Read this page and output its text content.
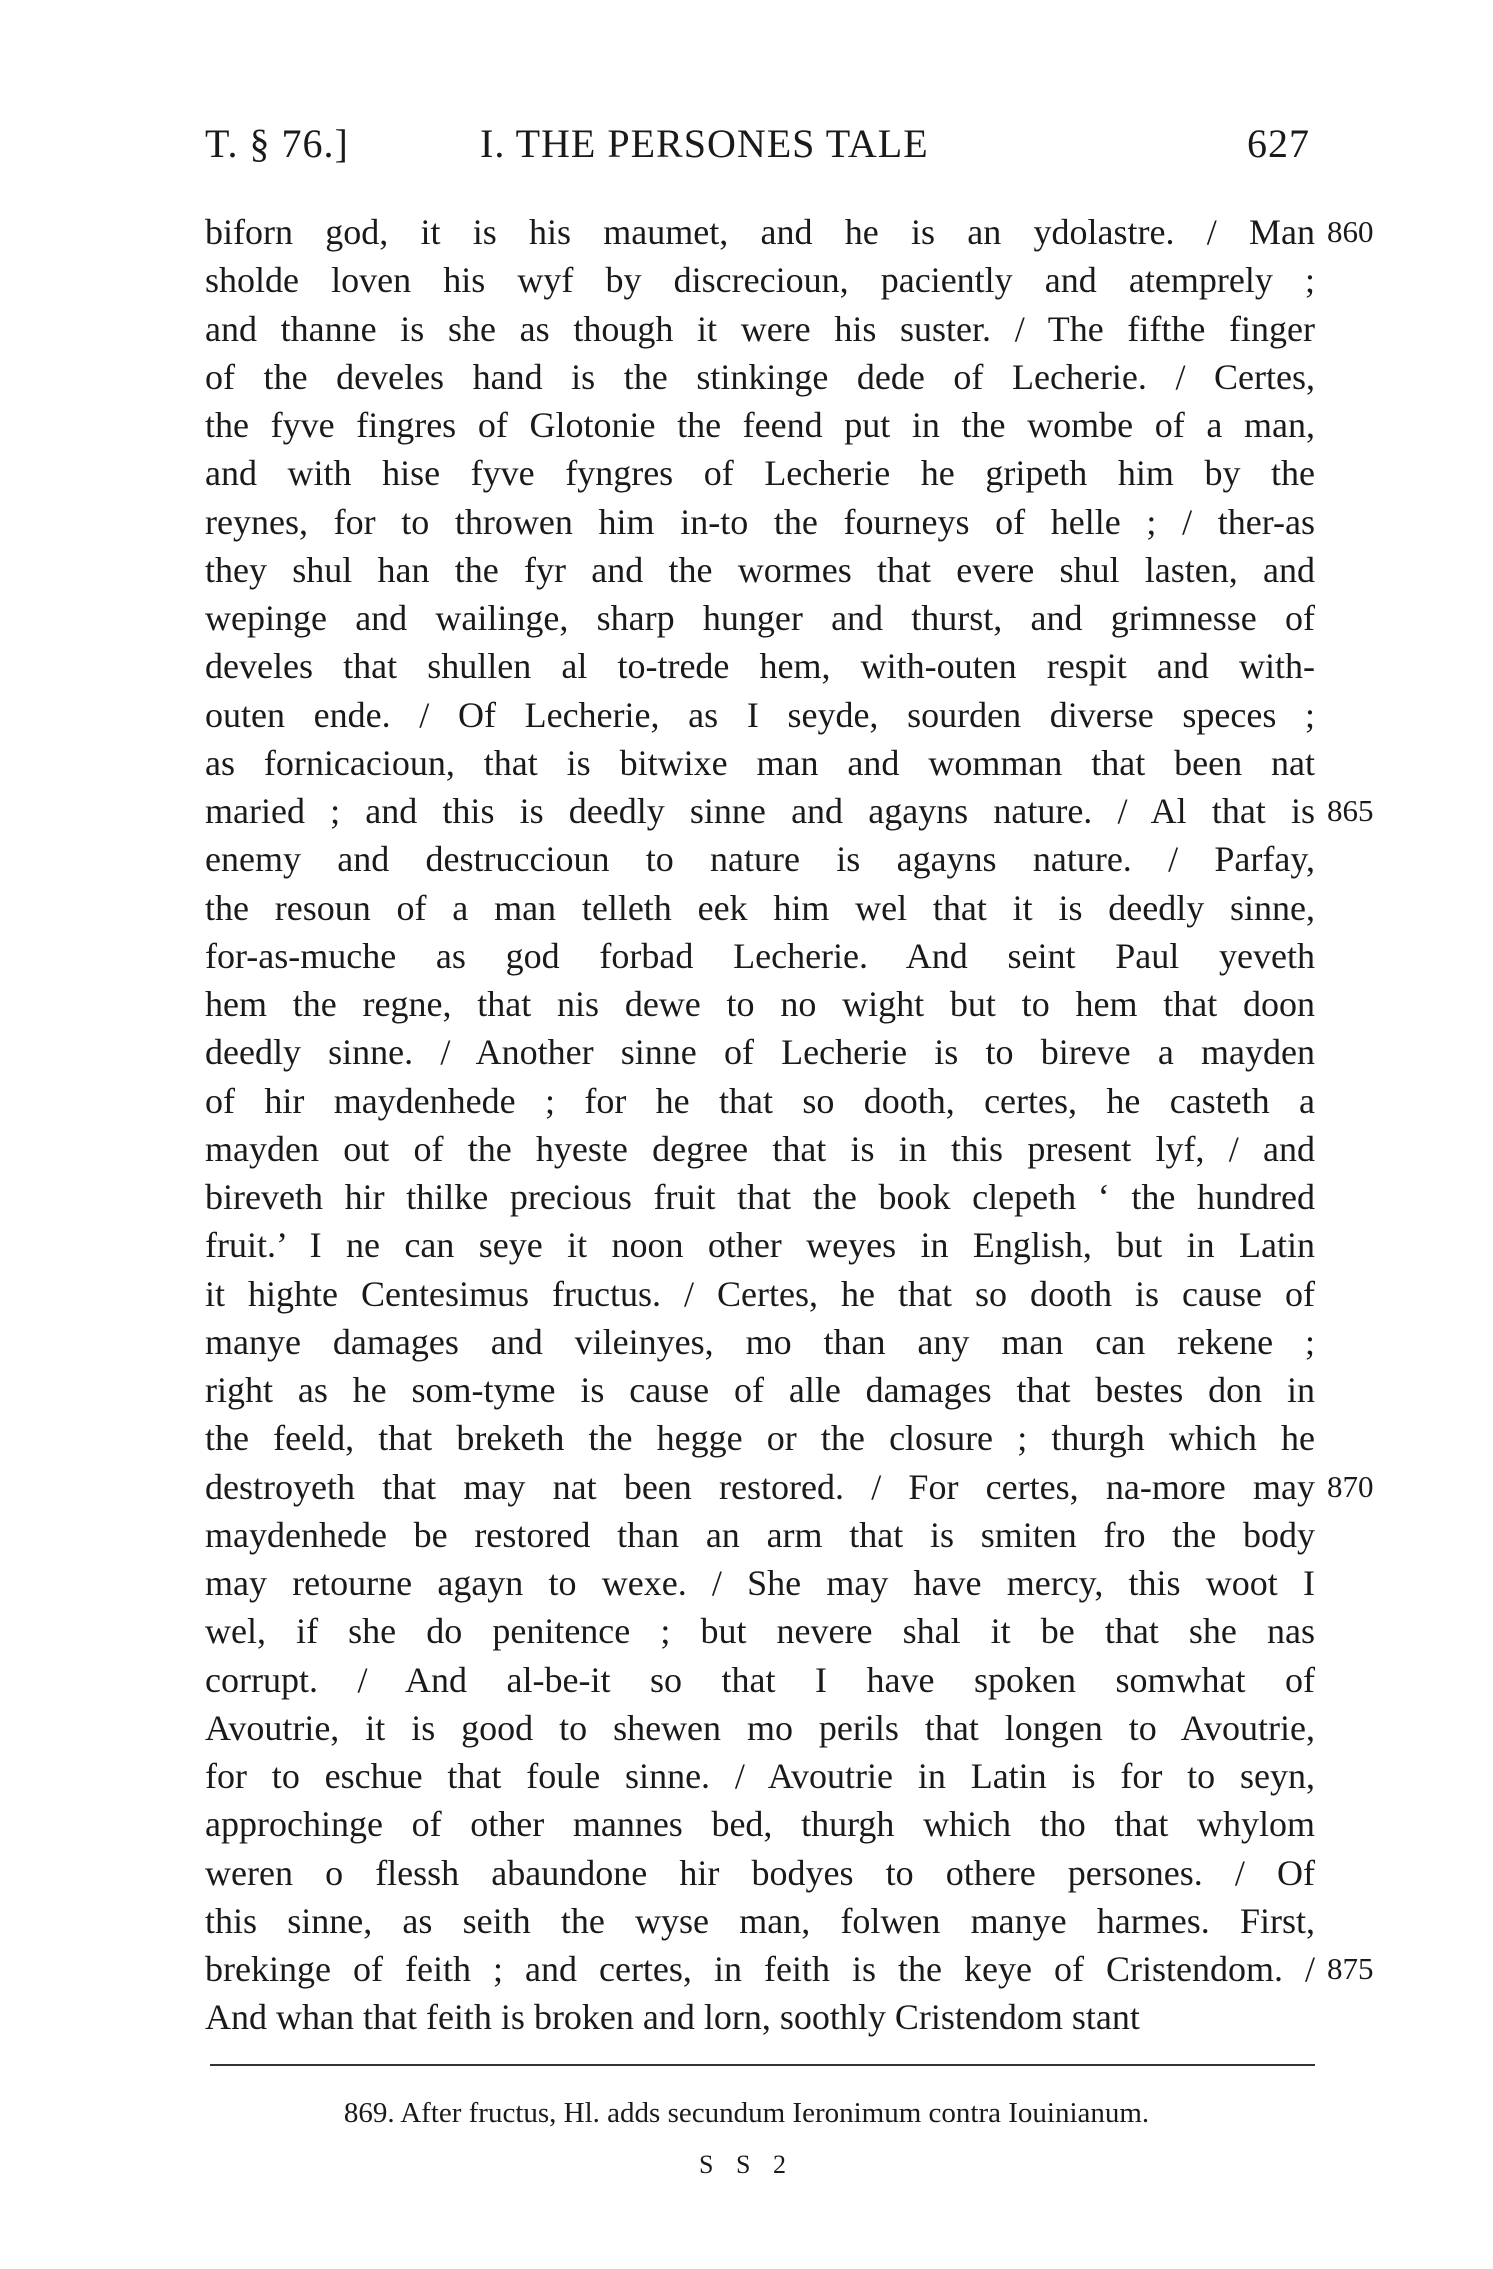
T. § 76.]	I. THE PERSONES TALE	627
biforn god, it is his maumet, and he is an ydolastre. / Man 860
sholde loven his wyf by discrecioun, paciently and atemprely ;
and thanne is she as though it were his suster. / The fifthe finger
of the develes hand is the stinkinge dede of Lecherie. / Certes,
the fyve fingres of Glotonie the feend put in the wombe of a man,
and with hise fyve fyngres of Lecherie he gripeth him by the
reynes, for to throwen him in-to the fourneys of helle ; / ther-as
they shul han the fyr and the wormes that evere shul lasten, and
wepinge and wailinge, sharp hunger and thurst, and grimnesse of
develes that shullen al to-trede hem, with-outen respit and with-
outen ende. / Of Lecherie, as I seyde, sourden diverse speces ;
as fornicacioun, that is bitwixe man and womman that been nat
maried ; and this is deedly sinne and agayns nature. / Al that is 865
enemy and destruccioun to nature is agayns nature. / Parfay,
the resoun of a man telleth eek him wel that it is deedly sinne,
for-as-muche as god forbad Lecherie. And seint Paul yeveth
hem the regne, that nis dewe to no wight but to hem that doon
deedly sinne. / Another sinne of Lecherie is to bireve a mayden
of hir maydenhede ; for he that so dooth, certes, he casteth a
mayden out of the hyeste degree that is in this present lyf, / and
bireveth hir thilke precious fruit that the book clepeth ‘ the hundred
fruit.’ I ne can seye it noon other weyes in English, but in Latin
it highte Centesimus fructus. / Certes, he that so dooth is cause of
manye damages and vileinyes, mo than any man can rekene ;
right as he som-tyme is cause of alle damages that bestes don in
the feeld, that breketh the hegge or the closure ; thurgh which he
destroyeth that may nat been restored. / For certes, na-more may 870
maydenhede be restored than an arm that is smiten fro the body
may retourne agayn to wexe. / She may have mercy, this woot I
wel, if she do penitence ; but nevere shal it be that she nas
corrupt. / And al-be-it so that I have spoken somwhat of
Avoutrie, it is good to shewen mo perils that longen to Avoutrie,
for to eschue that foule sinne. / Avoutrie in Latin is for to seyn,
approchinge of other mannes bed, thurgh which tho that whylom
weren o flessh abaundone hir bodyes to othere persones. / Of
this sinne, as seith the wyse man, folwen manye harmes. First,
brekinge of feith ; and certes, in feith is the keye of Cristendom. / 875
And whan that feith is broken and lorn, soothly Cristendom stant
869. After fructus, Hl. adds secundum Ieronimum contra Iouinianum.
S S 2
